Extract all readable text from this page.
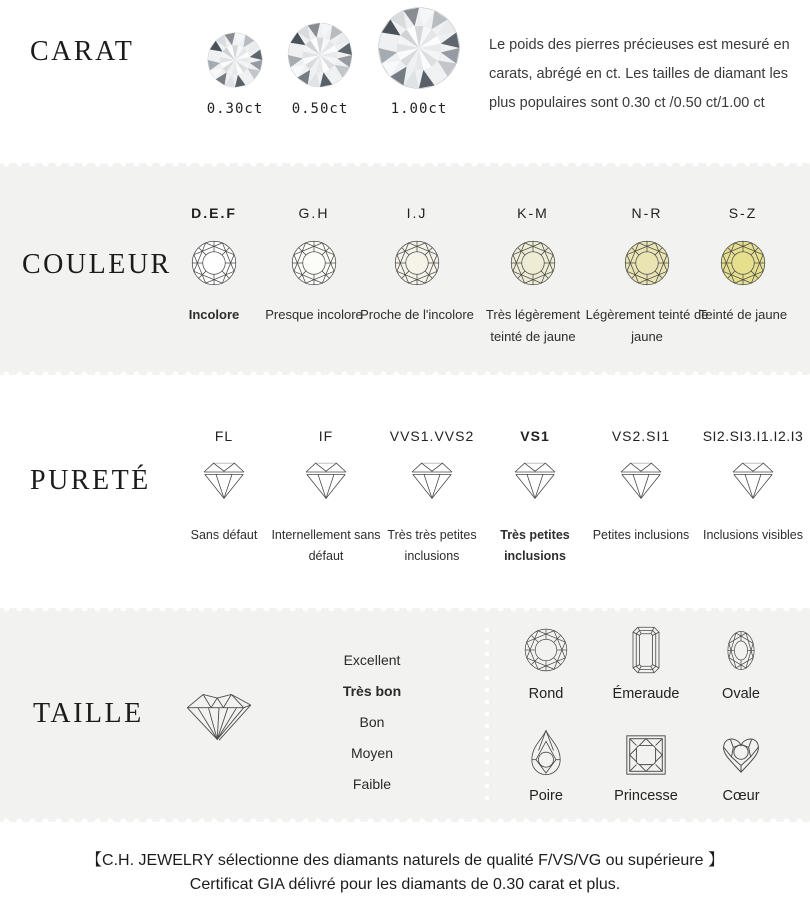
CARAT
0.30ct	0.50ct	1.00ct
Le poids des pierres précieuses est mesuré en carats, abrégé en ct. Les tailles de diamant les plus populaires sont 0.30 ct /0.50 ct/1.00 ct
COULEUR
D.E.F
Incolore
G.H
Presque incolore
I.J
Proche de l'incolore
K-M
Très légèrement teinté de jaune
N-R
Légèrement teinté de jaune
S-Z
Teinté de jaune
PURETÉ
FL
Sans défaut
IF
Internellement sans défaut
VVS1.VVS2
Très très petites inclusions
VS1
Très petites inclusions
VS2.SI1
Petites inclusions
SI2.SI3.I1.I2.I3
Inclusions visibles
TAILLE
Excellent
Très bon
Bon
Moyen
Faible
Rond	Émeraude	Ovale
Poire	Princesse	Cœur
【C.H. JEWELRY sélectionne des diamants naturels de qualité F/VS/VG ou supérieure 】
Certificat GIA délivré pour les diamants de 0.30 carat et plus.
